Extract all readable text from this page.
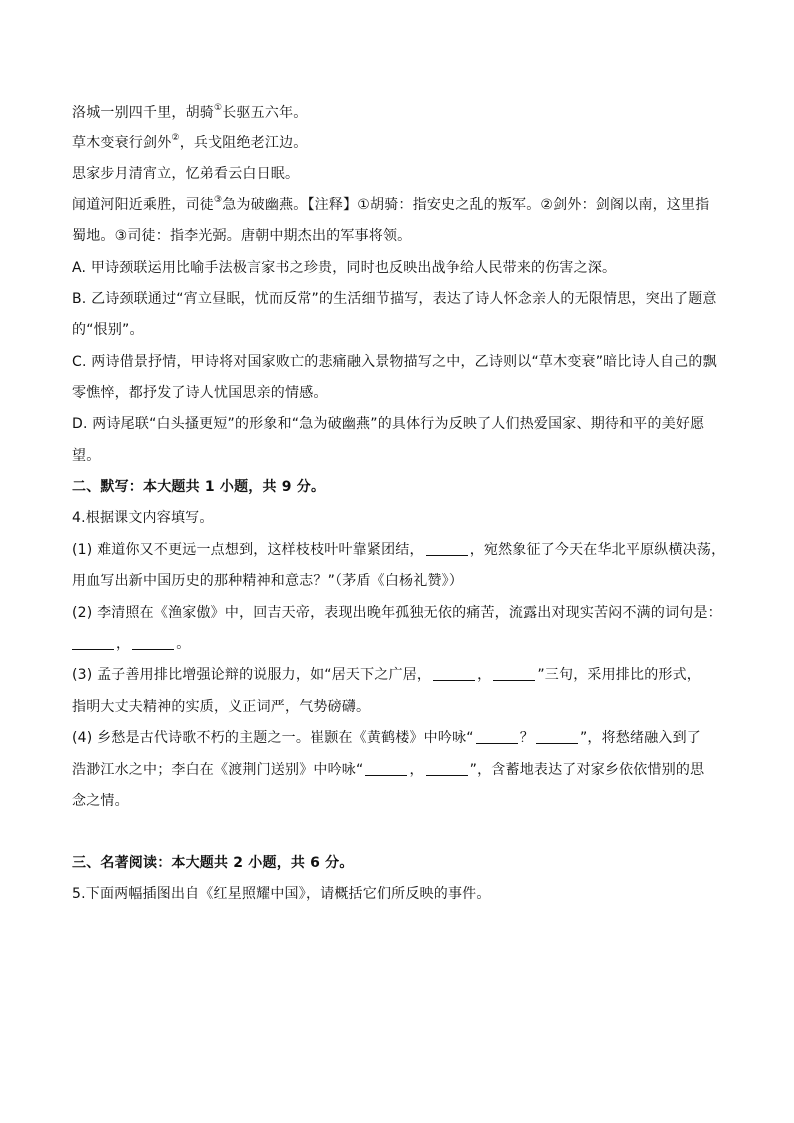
洛城一别四千里，胡骑①长驱五六年。
草木变衰行剑外②，兵戈阻绝老江边。
思家步月清宵立，忆弟看云白日眠。
闻道河阳近乘胜，司徒③急为破幽燕。【注释】①胡骑：指安史之乱的叛军。②剑外：剑阁以南，这里指
蜀地。③司徒：指李光弼。唐朝中期杰出的军事将领。
A. 甲诗颈联运用比喻手法极言家书之珍贵，同时也反映出战争给人民带来的伤害之深。
B. 乙诗颈联通过“宵立昼眠，忧而反常”的生活细节描写，表达了诗人怀念亲人的无限情思，突出了题意
的“恨别”。
C. 两诗借景抒情，甲诗将对国家败亡的悲痛融入景物描写之中，乙诗则以“草木变衰”暗比诗人自己的飘
零憔悴，都抒发了诗人忧国思亲的情感。
D. 两诗尾联“白头搔更短”的形象和“急为破幽燕”的具体行为反映了人们热爱国家、期待和平的美好愿
望。
二、默写：本大题共 1 小题，共 9 分。
4.根据课文内容填写。
(1) 难道你又不更远一点想到，这样枝枝叶叶靠紧团结，	，宛然象征了今天在华北平原纵横决荡，
用血写出新中国历史的那种精神和意志？”（茅盾《白杨礼赞》）
(2) 李清照在《渔家傲》中，回吉天帝，表现出晚年孤独无依的痛苦，流露出对现实苦闷不满的词句是：
，	。
(3) 孟子善用排比增强论辩的说服力，如“居天下之广居，	，	”三句，采用排比的形式，
指明大丈夫精神的实质，义正词严，气势磅礴。
(4) 乡愁是古代诗歌不朽的主题之一。崔颢在《黄鹤楼》中吟咏“	？	”，将愁绪融入到了
浩渺江水之中；李白在《渡荆门送别》中吟咏“	，	”，含蓄地表达了对家乡依依惜别的思
念之情。
三、名著阅读：本大题共 2 小题，共 6 分。
5.下面两幅插图出自《红星照耀中国》，请概括它们所反映的事件。
